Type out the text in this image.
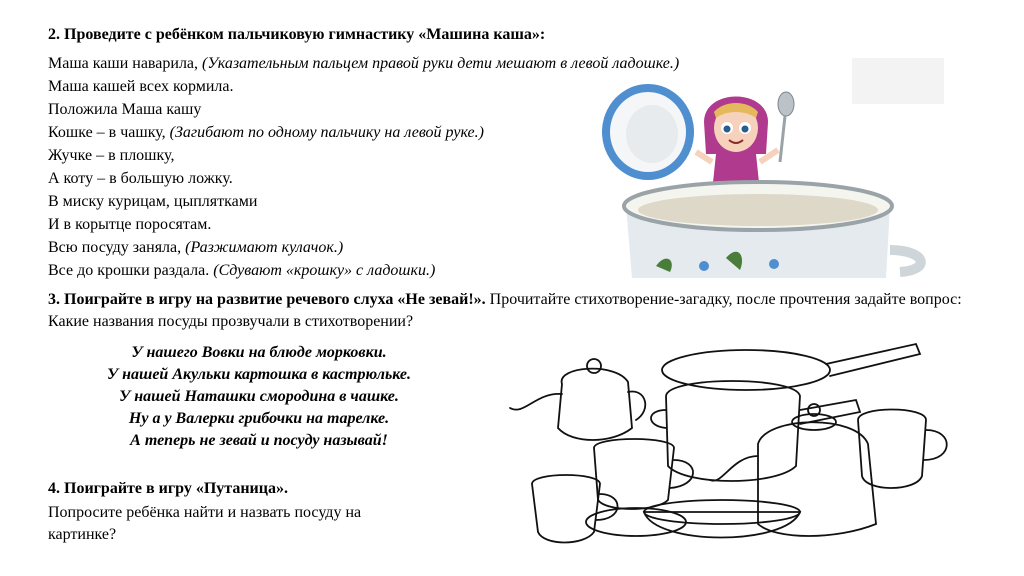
2. Проведите с ребёнком пальчиковую гимнастику «Машина каша»:
Маша каши наварила, (Указательным пальцем правой руки дети мешают в левой ладошке.)
Маша кашей всех кормила.
Положила Маша кашу
Кошке – в чашку, (Загибают по одному пальчику на левой руке.)
Жучке – в плошку,
А коту – в большую ложку.
В миску курицам, цыплятками
И в корытце поросятам.
Всю посуду заняла, (Разжимают кулачок.)
Все до крошки раздала. (Сдувают «крошку» с ладошки.)
3. Поиграйте в игру на развитие речевого слуха «Не зевай!». Прочитайте стихотворение-загадку, после прочтения задайте вопрос: Какие названия посуды прозвучали в стихотворении?
У нашего Вовки на блюде морковки.
У нашей Акульки картошка в кастрюльке.
У нашей Наташки смородина в чашке.
Ну а у Валерки грибочки на тарелке.
А теперь не зевай и посуду называй!
4. Поиграйте в игру «Путаница».
Попросите ребёнка найти и назвать посуду на картинке?
